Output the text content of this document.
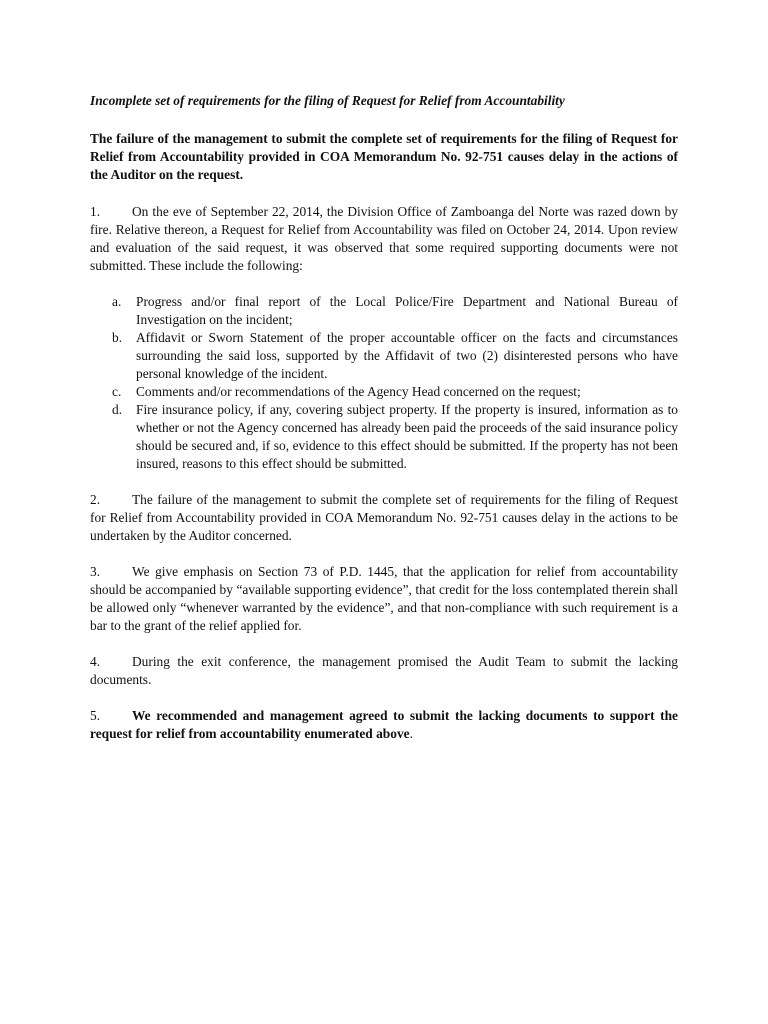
Incomplete set of requirements for the filing of Request for Relief from Accountability
The failure of the management to submit the complete set of requirements for the filing of Request for Relief from Accountability provided in COA Memorandum No. 92-751 causes delay in the actions of the Auditor on the request.
1. On the eve of September 22, 2014, the Division Office of Zamboanga del Norte was razed down by fire. Relative thereon, a Request for Relief from Accountability was filed on October 24, 2014. Upon review and evaluation of the said request, it was observed that some required supporting documents were not submitted. These include the following:
a. Progress and/or final report of the Local Police/Fire Department and National Bureau of Investigation on the incident;
b. Affidavit or Sworn Statement of the proper accountable officer on the facts and circumstances surrounding the said loss, supported by the Affidavit of two (2) disinterested persons who have personal knowledge of the incident.
c. Comments and/or recommendations of the Agency Head concerned on the request;
d. Fire insurance policy, if any, covering subject property. If the property is insured, information as to whether or not the Agency concerned has already been paid the proceeds of the said insurance policy should be secured and, if so, evidence to this effect should be submitted. If the property has not been insured, reasons to this effect should be submitted.
2. The failure of the management to submit the complete set of requirements for the filing of Request for Relief from Accountability provided in COA Memorandum No. 92-751 causes delay in the actions to be undertaken by the Auditor concerned.
3. We give emphasis on Section 73 of P.D. 1445, that the application for relief from accountability should be accompanied by “available supporting evidence”, that credit for the loss contemplated therein shall be allowed only “whenever warranted by the evidence”, and that non-compliance with such requirement is a bar to the grant of the relief applied for.
4. During the exit conference, the management promised the Audit Team to submit the lacking documents.
5. We recommended and management agreed to submit the lacking documents to support the request for relief from accountability enumerated above.
